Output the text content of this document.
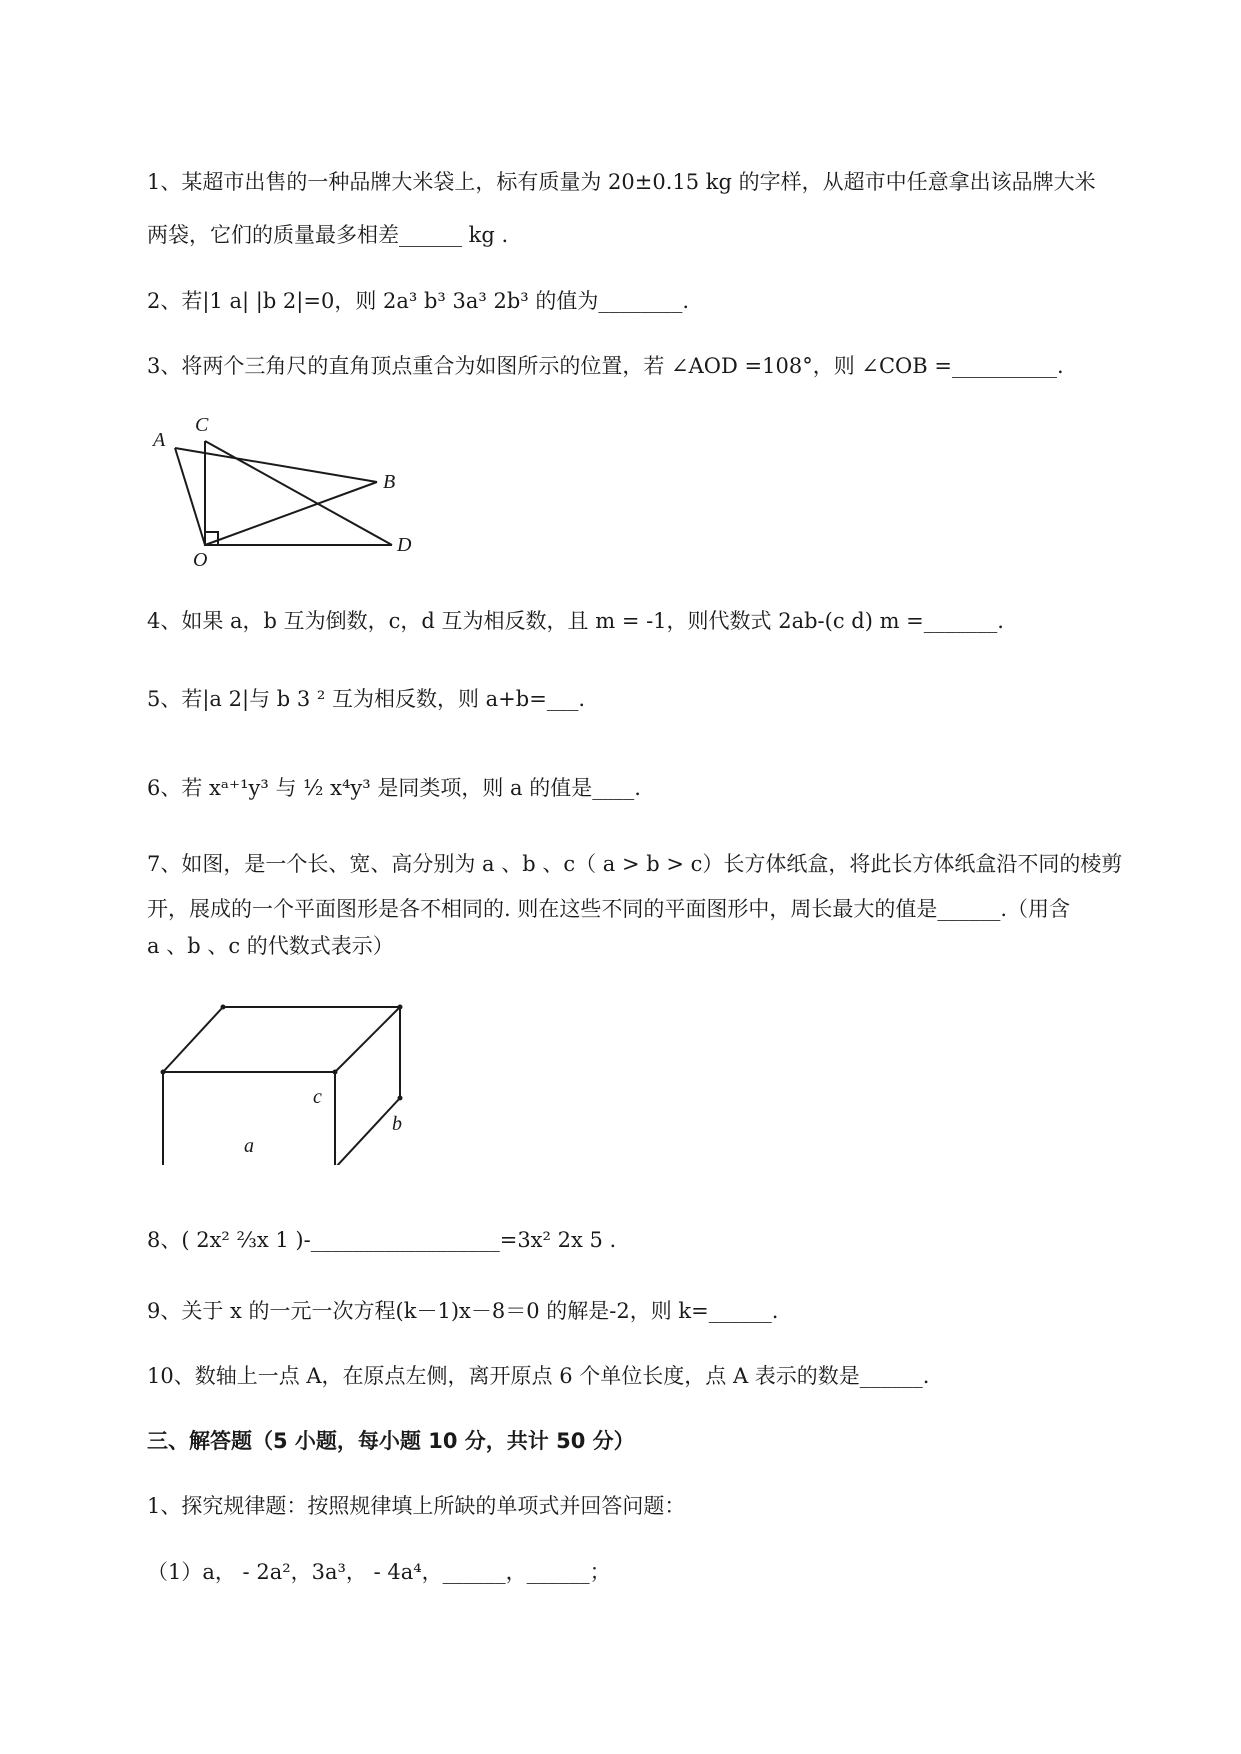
1、某超市出售的一种品牌大米袋上，标有质量为 20±0.15 kg 的字样，从超市中任意拿出该品牌大米
两袋，它们的质量最多相差______ kg .
2、若|1 a| |b 2|=0，则 2a³ b³ 3a³ 2b³ 的值为________.
3、将两个三角尺的直角顶点重合为如图所示的位置，若 ∠AOD =108°，则 ∠COB =__________.
A
C
B
O
D
4、如果 a，b 互为倒数，c，d 互为相反数，且 m = -1，则代数式 2ab-(c d) m =_______.
5、若|a 2|与 b 3 ² 互为相反数，则 a+b=___.
6、若 xᵃ⁺¹y³ 与 ½ x⁴y³ 是同类项，则 a 的值是____.
7、如图，是一个长、宽、高分别为 a 、b 、c（ a > b > c）长方体纸盒，将此长方体纸盒沿不同的棱剪
开，展成的一个平面图形是各不相同的. 则在这些不同的平面图形中，周长最大的值是______.（用含
a 、b 、c 的代数式表示）
c
b
a
8、( 2x² ⅔x 1 )-__________________=3x² 2x 5 .
9、关于 x 的一元一次方程(k－1)x－8＝0 的解是-2，则 k=______.
10、数轴上一点 A，在原点左侧，离开原点 6 个单位长度，点 A 表示的数是______.
三、解答题（5 小题，每小题 10 分，共计 50 分）
1、探究规律题：按照规律填上所缺的单项式并回答问题：
（1）a， - 2a²，3a³， - 4a⁴，______，______；
